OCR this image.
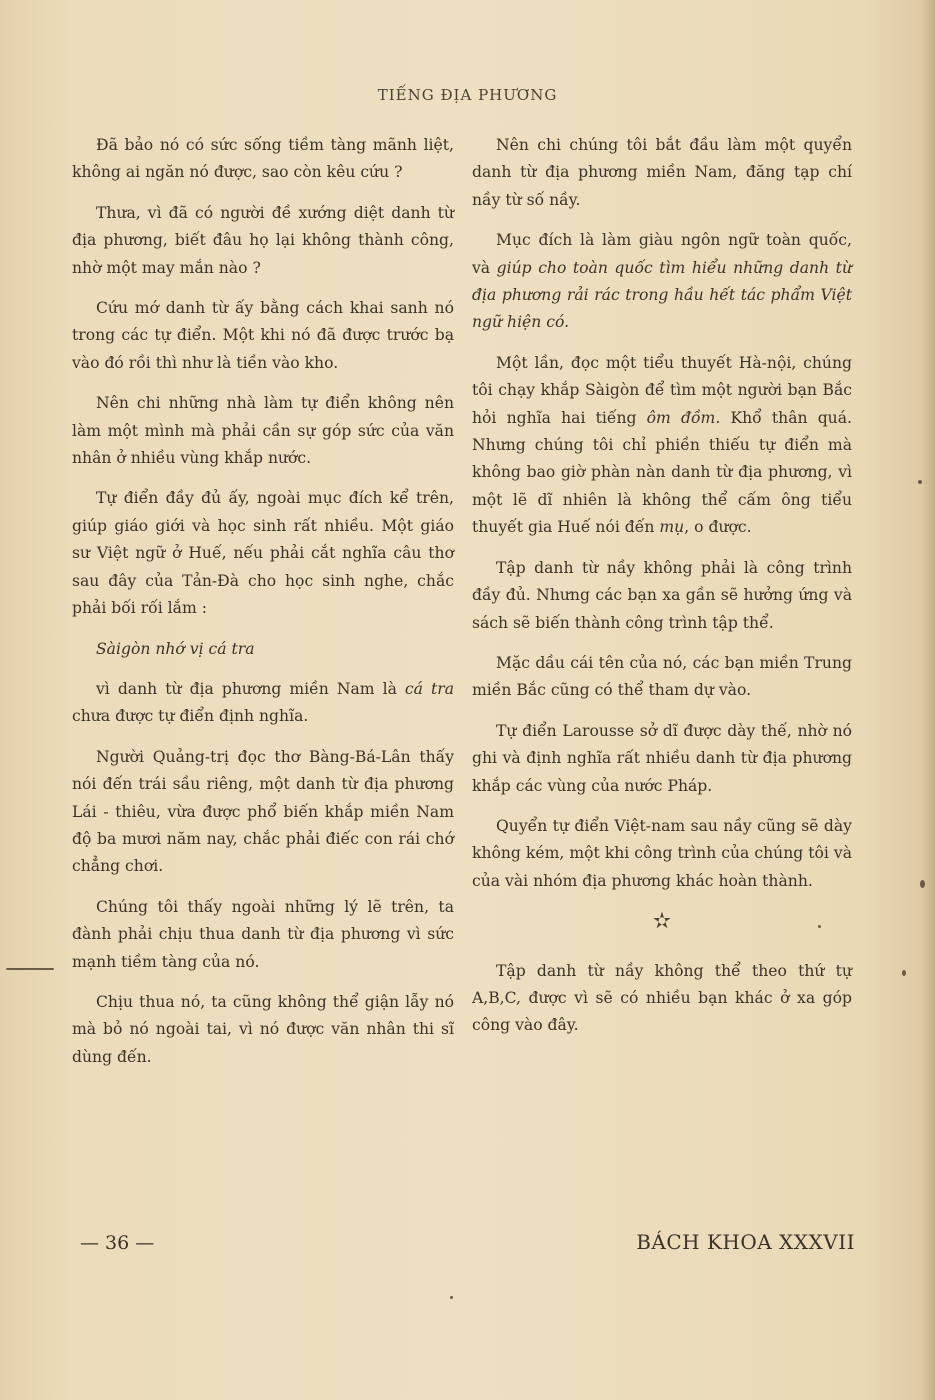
TIẾNG ĐỊA PHƯƠNG

Đã bảo nó có sức sống tiềm tàng mãnh liệt, không ai ngăn nó được, sao còn kêu cứu ?

Thưa, vì đã có người đề xướng diệt danh từ địa phương, biết đâu họ lại không thành công, nhờ một may mắn nào ?

Cứu mớ danh từ ấy bằng cách khai sanh nó trong các tự điển. Một khi nó đã được trước bạ vào đó rồi thì như là tiền vào kho.

Nên chi những nhà làm tự điển không nên làm một mình mà phải cần sự góp sức của văn nhân ở nhiều vùng khắp nước.

Tự điển đầy đủ ấy, ngoài mục đích kể trên, giúp giáo giới và học sinh rất nhiều. Một giáo sư Việt ngữ ở Huế, nếu phải cắt nghĩa câu thơ sau đây của Tản-Đà cho học sinh nghe, chắc phải bối rối lắm :

Sàigòn nhớ vị cá tra

vì danh từ địa phương miền Nam là cá tra chưa được tự điển định nghĩa.

Người Quảng-trị đọc thơ Bàng-Bá-Lân thấy nói đến trái sầu riêng, một danh từ địa phương Lái - thiêu, vừa được phổ biến khắp miền Nam độ ba mươi năm nay, chắc phải điếc con rái chớ chẳng chơi.

Chúng tôi thấy ngoài những lý lẽ trên, ta đành phải chịu thua danh từ địa phương vì sức mạnh tiềm tàng của nó.

Chịu thua nó, ta cũng không thể giận lẫy nó mà bỏ nó ngoài tai, vì nó được văn nhân thi sĩ dùng đến.

Nên chi chúng tôi bắt đầu làm một quyển danh từ địa phương miền Nam, đăng tạp chí nầy từ số nầy.

Mục đích là làm giàu ngôn ngữ toàn quốc, và giúp cho toàn quốc tìm hiểu những danh từ địa phương rải rác trong hầu hết tác phẩm Việt ngữ hiện có.

Một lần, đọc một tiểu thuyết Hà-nội, chúng tôi chạy khắp Sàigòn để tìm một người bạn Bắc hỏi nghĩa hai tiếng ôm đồm. Khổ thân quá. Nhưng chúng tôi chỉ phiền thiếu tự điển mà không bao giờ phàn nàn danh từ địa phương, vì một lẽ dĩ nhiên là không thể cấm ông tiểu thuyết gia Huế nói đến mụ, o được.

Tập danh từ nầy không phải là công trình đầy đủ. Nhưng các bạn xa gần sẽ hưởng ứng và sách sẽ biến thành công trình tập thể.

Mặc dầu cái tên của nó, các bạn miền Trung miền Bắc cũng có thể tham dự vào.

Tự điển Larousse sở dĩ được dày thế, nhờ nó ghi và định nghĩa rất nhiều danh từ địa phương khắp các vùng của nước Pháp.

Quyển tự điển Việt-nam sau nầy cũng sẽ dày không kém, một khi công trình của chúng tôi và của vài nhóm địa phương khác hoàn thành.

✫

Tập danh từ nầy không thể theo thứ tự A,B,C, được vì sẽ có nhiều bạn khác ở xa góp công vào đây.

— 36 —	BÁCH KHOA XXXVII
